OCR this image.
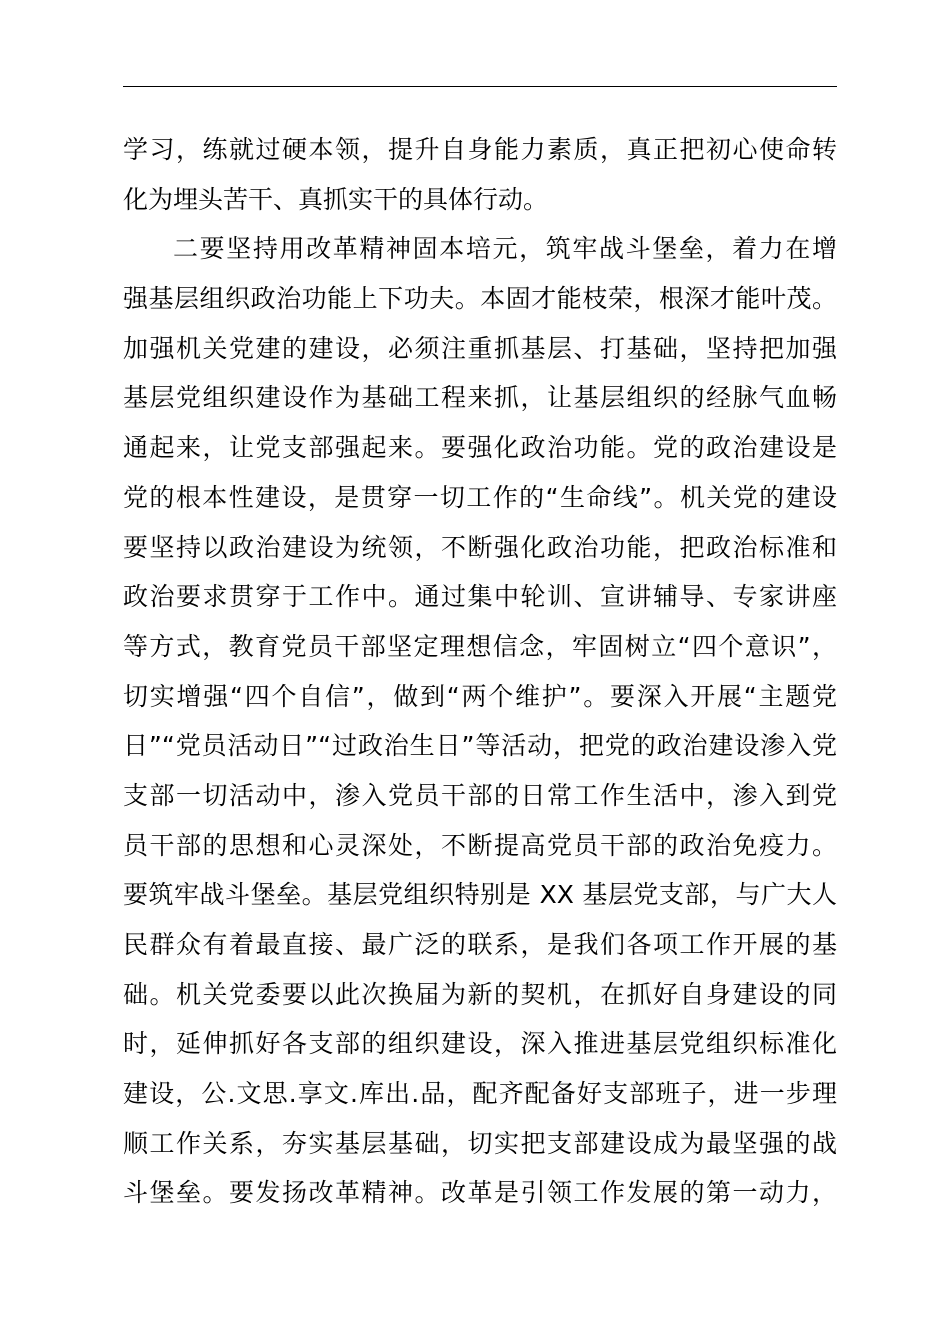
学习，练就过硬本领，提升自身能力素质，真正把初心使命转
化为埋头苦干、真抓实干的具体行动。
二要坚持用改革精神固本培元，筑牢战斗堡垒，着力在增
强基层组织政治功能上下功夫。本固才能枝荣，根深才能叶茂。
加强机关党建的建设，必须注重抓基层、打基础，坚持把加强
基层党组织建设作为基础工程来抓，让基层组织的经脉气血畅
通起来，让党支部强起来。要强化政治功能。党的政治建设是
党的根本性建设，是贯穿一切工作的“生命线”。机关党的建设
要坚持以政治建设为统领，不断强化政治功能，把政治标准和
政治要求贯穿于工作中。通过集中轮训、宣讲辅导、专家讲座
等方式，教育党员干部坚定理想信念，牢固树立“四个意识”，
切实增强“四个自信”，做到“两个维护”。要深入开展“主题党
日”“党员活动日”“过政治生日”等活动，把党的政治建设渗入党
支部一切活动中，渗入党员干部的日常工作生活中，渗入到党
员干部的思想和心灵深处，不断提高党员干部的政治免疫力。
要筑牢战斗堡垒。基层党组织特别是 XX 基层党支部，与广大人
民群众有着最直接、最广泛的联系，是我们各项工作开展的基
础。机关党委要以此次换届为新的契机，在抓好自身建设的同
时，延伸抓好各支部的组织建设，深入推进基层党组织标准化
建设，公.文思.享文.库出.品，配齐配备好支部班子，进一步理
顺工作关系，夯实基层基础，切实把支部建设成为最坚强的战
斗堡垒。要发扬改革精神。改革是引领工作发展的第一动力，
